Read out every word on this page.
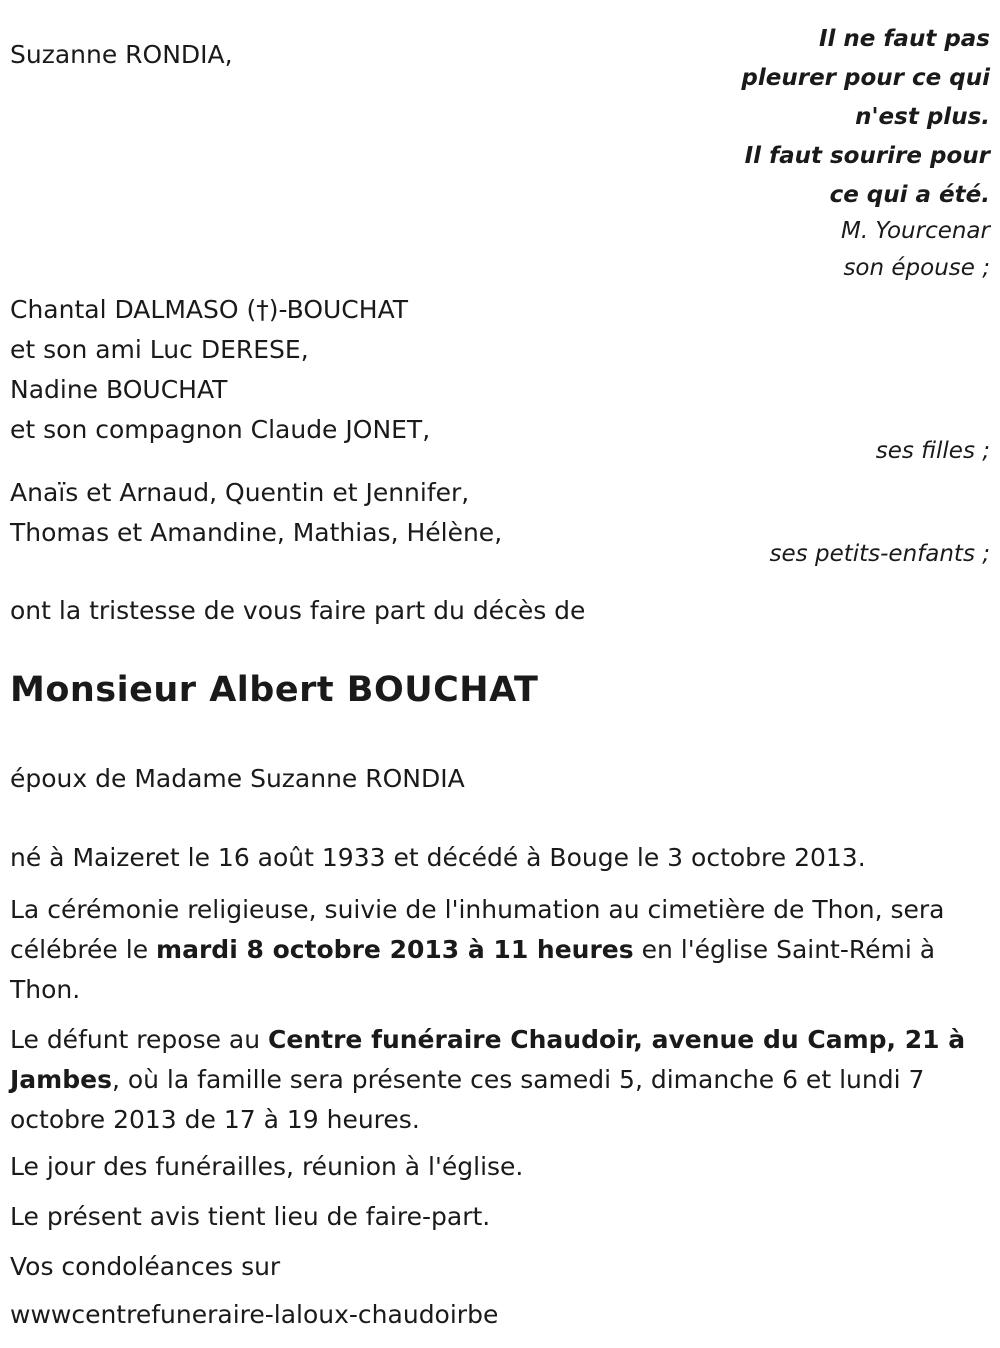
Suzanne RONDIA,
Il ne faut pas
pleurer pour ce qui
n'est plus.
Il faut sourire pour
ce qui a été.
M. Yourcenar
son épouse ;
Chantal DALMASO (†)-BOUCHAT
et son ami Luc DERESE,
Nadine BOUCHAT
et son compagnon Claude JONET,
ses filles ;
Anaïs et Arnaud, Quentin et Jennifer,
Thomas et Amandine, Mathias, Hélène,
ses petits-enfants ;
ont la tristesse de vous faire part du décès de
Monsieur Albert BOUCHAT
époux de Madame Suzanne RONDIA
né à Maizeret le 16 août 1933 et décédé à Bouge le 3 octobre 2013.
La cérémonie religieuse, suivie de l'inhumation au cimetière de Thon, sera célébrée le mardi 8 octobre 2013 à 11 heures en l'église Saint-Rémi à Thon.
Le défunt repose au Centre funéraire Chaudoir, avenue du Camp, 21 à Jambes, où la famille sera présente ces samedi 5, dimanche 6 et lundi 7 octobre 2013 de 17 à 19 heures.
Le jour des funérailles, réunion à l'église.
Le présent avis tient lieu de faire-part.
Vos condoléances sur
wwwcentrefuneraire-laloux-chaudoirbe
